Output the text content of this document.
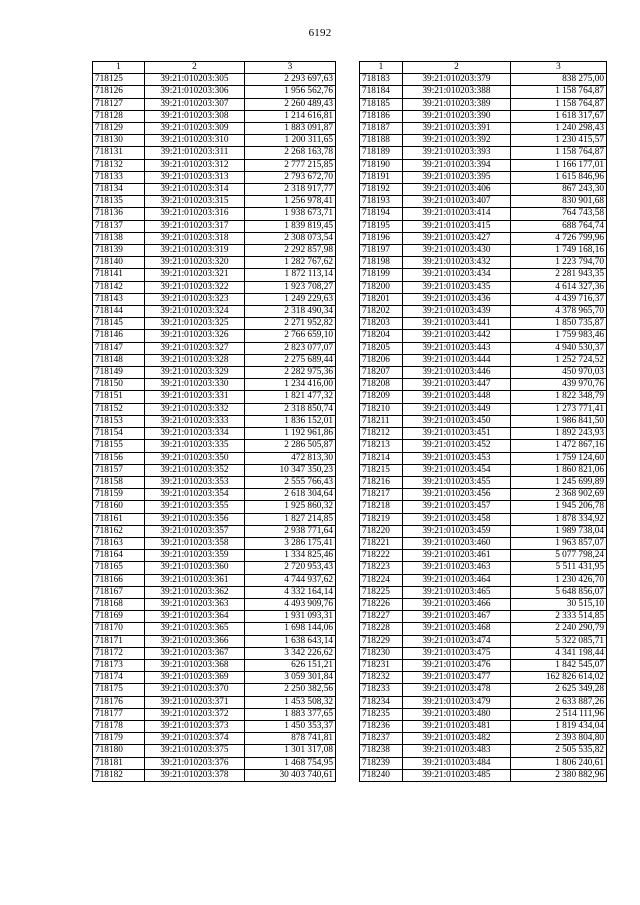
6192
1	2	3
718125	39:21:010203:305	2 293 697,63
718126	39:21:010203:306	1 956 562,76
718127	39:21:010203:307	2 260 489,43
718128	39:21:010203:308	1 214 616,81
718129	39:21:010203:309	1 883 091,87
718130	39:21:010203:310	1 200 311,65
718131	39:21:010203:311	2 268 163,78
718132	39:21:010203:312	2 777 215,85
718133	39:21:010203:313	2 793 672,70
718134	39:21:010203:314	2 318 917,77
718135	39:21:010203:315	1 256 978,41
718136	39:21:010203:316	1 938 673,71
718137	39:21:010203:317	1 839 819,45
718138	39:21:010203:318	2 308 073,54
718139	39:21:010203:319	2 292 857,98
718140	39:21:010203:320	1 282 767,62
718141	39:21:010203:321	1 872 113,14
718142	39:21:010203:322	1 923 708,27
718143	39:21:010203:323	1 249 229,63
718144	39:21:010203:324	2 318 490,34
718145	39:21:010203:325	2 271 952,82
718146	39:21:010203:326	2 766 659,10
718147	39:21:010203:327	2 823 077,07
718148	39:21:010203:328	2 275 689,44
718149	39:21:010203:329	2 282 975,36
718150	39:21:010203:330	1 234 416,00
718151	39:21:010203:331	1 821 477,32
718152	39:21:010203:332	2 318 850,74
718153	39:21:010203:333	1 836 152,01
718154	39:21:010203:334	1 192 961,86
718155	39:21:010203:335	2 286 505,87
718156	39:21:010203:350	472 813,30
718157	39:21:010203:352	10 347 350,23
718158	39:21:010203:353	2 555 766,43
718159	39:21:010203:354	2 618 304,64
718160	39:21:010203:355	1 925 860,32
718161	39:21:010203:356	1 827 214,85
718162	39:21:010203:357	2 938 771,64
718163	39:21:010203:358	3 286 175,41
718164	39:21:010203:359	1 334 825,46
718165	39:21:010203:360	2 720 953,43
718166	39:21:010203:361	4 744 937,62
718167	39:21:010203:362	4 332 164,14
718168	39:21:010203:363	4 493 909,76
718169	39:21:010203:364	1 931 093,31
718170	39:21:010203:365	1 698 144,06
718171	39:21:010203:366	1 638 643,14
718172	39:21:010203:367	3 342 226,62
718173	39:21:010203:368	626 151,21
718174	39:21:010203:369	3 059 301,84
718175	39:21:010203:370	2 250 382,56
718176	39:21:010203:371	1 453 508,32
718177	39:21:010203:372	1 883 377,65
718178	39:21:010203:373	1 450 353,37
718179	39:21:010203:374	878 741,81
718180	39:21:010203:375	1 301 317,08
718181	39:21:010203:376	1 468 754,95
718182	39:21:010203:378	30 403 740,61
1	2	3
718183	39:21:010203:379	838 275,00
718184	39:21:010203:388	1 158 764,87
718185	39:21:010203:389	1 158 764,87
718186	39:21:010203:390	1 618 317,67
718187	39:21:010203:391	1 240 298,43
718188	39:21:010203:392	1 230 415,57
718189	39:21:010203:393	1 158 764,87
718190	39:21:010203:394	1 166 177,01
718191	39:21:010203:395	1 615 846,96
718192	39:21:010203:406	867 243,30
718193	39:21:010203:407	830 901,68
718194	39:21:010203:414	764 743,58
718195	39:21:010203:415	688 764,74
718196	39:21:010203:427	4 726 799,96
718197	39:21:010203:430	1 749 168,16
718198	39:21:010203:432	1 223 794,70
718199	39:21:010203:434	2 281 943,35
718200	39:21:010203:435	4 614 327,36
718201	39:21:010203:436	4 439 716,37
718202	39:21:010203:439	4 378 965,70
718203	39:21:010203:441	1 850 735,87
718204	39:21:010203:442	1 759 983,46
718205	39:21:010203:443	4 940 530,37
718206	39:21:010203:444	1 252 724,52
718207	39:21:010203:446	450 970,03
718208	39:21:010203:447	439 970,76
718209	39:21:010203:448	1 822 348,79
718210	39:21:010203:449	1 273 771,41
718211	39:21:010203:450	1 986 841,50
718212	39:21:010203:451	1 892 243,93
718213	39:21:010203:452	1 472 867,16
718214	39:21:010203:453	1 759 124,60
718215	39:21:010203:454	1 860 821,06
718216	39:21:010203:455	1 245 699,89
718217	39:21:010203:456	2 368 902,69
718218	39:21:010203:457	1 945 206,78
718219	39:21:010203:458	1 878 334,92
718220	39:21:010203:459	1 989 738,04
718221	39:21:010203:460	1 963 857,07
718222	39:21:010203:461	5 077 798,24
718223	39:21:010203:463	5 511 431,95
718224	39:21:010203:464	1 230 426,70
718225	39:21:010203:465	5 648 856,07
718226	39:21:010203:466	30 515,10
718227	39:21:010203:467	2 333 514,85
718228	39:21:010203:468	2 240 290,79
718229	39:21:010203:474	5 322 085,71
718230	39:21:010203:475	4 341 198,44
718231	39:21:010203:476	1 842 545,07
718232	39:21:010203:477	162 826 614,02
718233	39:21:010203:478	2 625 349,28
718234	39:21:010203:479	2 633 887,26
718235	39:21:010203:480	2 514 111,96
718236	39:21:010203:481	1 819 434,04
718237	39:21:010203:482	2 393 804,80
718238	39:21:010203:483	2 505 535,82
718239	39:21:010203:484	1 806 240,61
718240	39:21:010203:485	2 380 882,96
